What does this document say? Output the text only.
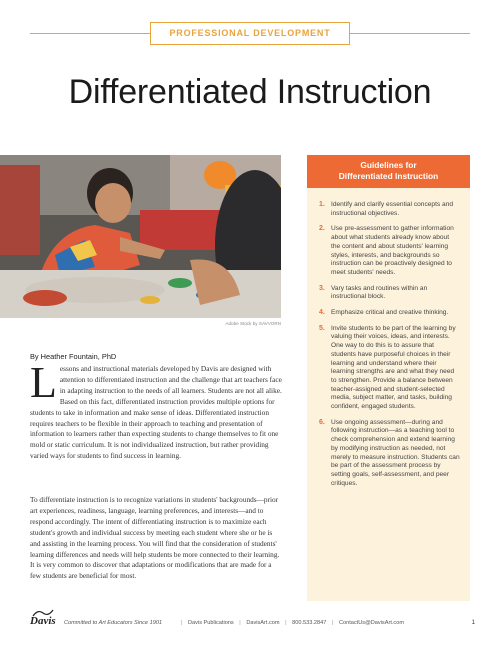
PROFESSIONAL DEVELOPMENT
Differentiated Instruction
Adobe Stock by SAVVORN
By Heather Fountain, PhD
L essons and instructional materials developed by Davis are designed with attention to differentiated instruction and the challenge that art teachers face in adapting instruction to the needs of all learners. Students are not all alike. Based on this fact, differentiated instruction provides multiple options for students to take in information and make sense of ideas. Differentiated instruction requires teachers to be flexible in their approach to teaching and presentation of information to learners rather than expecting students to change themselves to fit one mold or static curriculum. It is not individualized instruction, but rather providing varied ways for students to find success in learning.
To differentiate instruction is to recognize variations in students' backgrounds—prior art experiences, readiness, language, learning preferences, and interests—and to respond accordingly. The intent of differentiating instruction is to maximize each student's growth and individual success by meeting each student where she or he is and assisting in the learning process. You will find that the consideration of students' learning differences and needs will help students be more connected to their learning. It is very common to discover that adaptations or modifications that are made for a few students are beneficial for most.
Guidelines for
Differentiated Instruction
1. Identify and clarify essential concepts and instructional objectives.
2. Use pre-assessment to gather information about what students already know about the content and about students' learning styles, interests, and backgrounds so instruction can be proactively designed to meet students' needs.
3. Vary tasks and routines within an instructional block.
4. Emphasize critical and creative thinking.
5. Invite students to be part of the learning by valuing their voices, ideas, and interests. One way to do this is to assure that students have purposeful choices in their learning and understand where their learning strengths are and what they need to strengthen. Provide a balance between teacher-assigned and student-selected media, subject matter, and tasks, building confident, engaged students.
6. Use ongoing assessment—during and following instruction—as a teaching tool to check comprehension and extend learning by modifying instruction as needed, not merely to measure instruction. Students can be part of the assessment process by setting goals, self-assessment, and peer critiques.
Davis Committed to Art Educators Since 1901	| Davis Publications | DavisArt.com | 800.533.2847 | ContactUs@DavisArt.com	1
